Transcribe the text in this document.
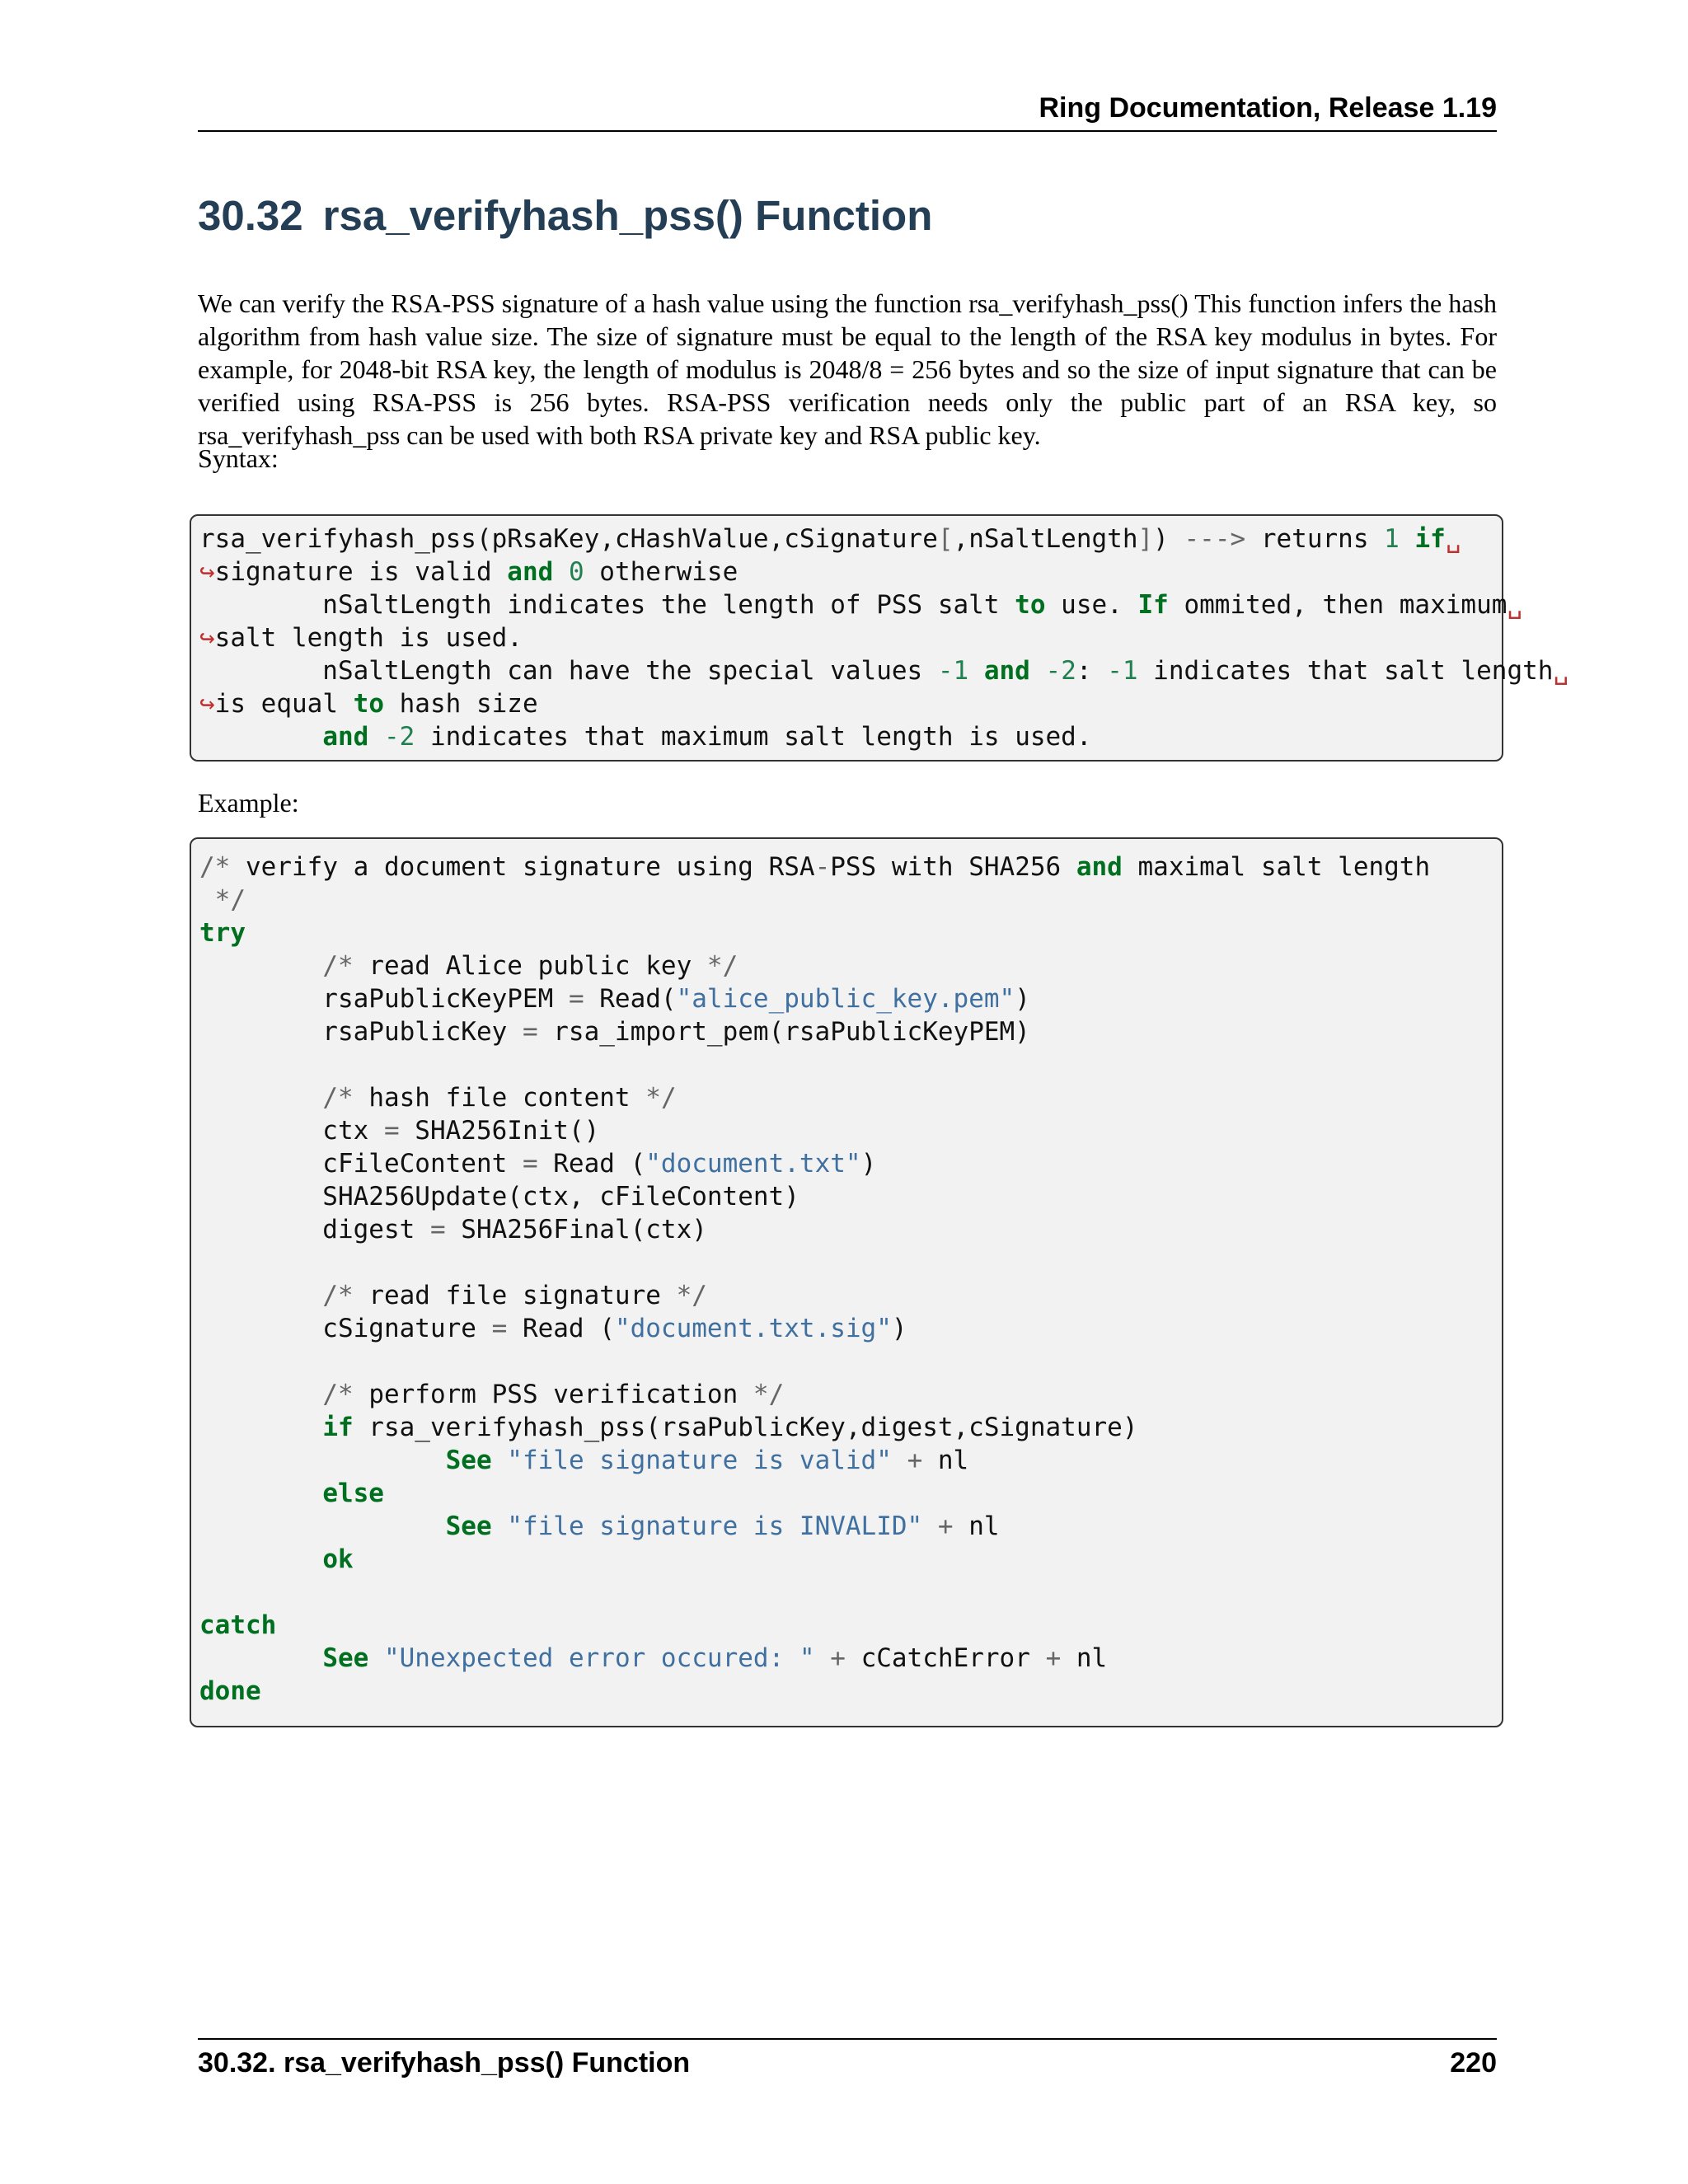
Ring Documentation, Release 1.19
30.32 rsa_verifyhash_pss() Function

We can verify the RSA-PSS signature of a hash value using the function rsa_verifyhash_pss() This function infers the hash algorithm from hash value size. The size of signature must be equal to the length of the RSA key modulus in bytes. For example, for 2048-bit RSA key, the length of modulus is 2048/8 = 256 bytes and so the size of input signature that can be verified using RSA-PSS is 256 bytes. RSA-PSS verification needs only the public part of an RSA key, so rsa_verifyhash_pss can be used with both RSA private key and RSA public key.

Syntax:

rsa_verifyhash_pss(pRsaKey,cHashValue,cSignature[,nSaltLength]) ---> returns 1 if␣
↪signature is valid and 0 otherwise
nSaltLength indicates the length of PSS salt to use. If ommited, then maximum␣
↪salt length is used.
nSaltLength can have the special values -1 and -2: -1 indicates that salt length␣
↪is equal to hash size
and -2 indicates that maximum salt length is used.

Example:

/* verify a document signature using RSA-PSS with SHA256 and maximal salt length
*/
try
/* read Alice public key */
rsaPublicKeyPEM = Read("alice_public_key.pem")
rsaPublicKey = rsa_import_pem(rsaPublicKeyPEM)

/* hash file content */
ctx = SHA256Init()
cFileContent = Read ("document.txt")
SHA256Update(ctx, cFileContent)
digest = SHA256Final(ctx)

/* read file signature */
cSignature = Read ("document.txt.sig")

/* perform PSS verification */
if rsa_verifyhash_pss(rsaPublicKey,digest,cSignature)
See "file signature is valid" + nl
else
See "file signature is INVALID" + nl
ok

catch
See "Unexpected error occured: " + cCatchError + nl
done
30.32. rsa_verifyhash_pss() Function	220
